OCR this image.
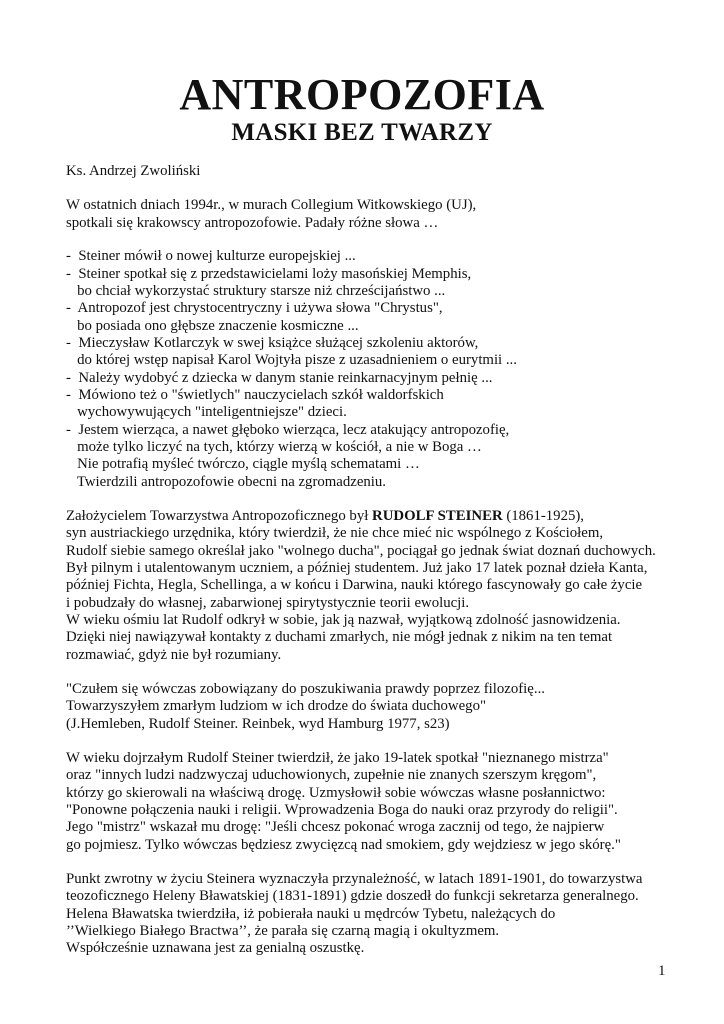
ANTROPOZOFIA
MASKI BEZ TWARZY
Ks. Andrzej Zwoliński
W ostatnich dniach 1994r., w murach Collegium Witkowskiego (UJ),
spotkali się krakowscy antropozofowie. Padały różne słowa …
-  Steiner mówił o nowej kulturze europejskiej ...
-  Steiner spotkał się z przedstawicielami loży masońskiej Memphis,
bo chciał wykorzystać struktury starsze niż chrześcijaństwo ...
-  Antropozof jest chrystocentryczny i używa słowa "Chrystus",
bo posiada ono głębsze znaczenie kosmiczne ...
-  Mieczysław Kotlarczyk w swej książce służącej szkoleniu aktorów,
do której wstęp napisał Karol Wojtyła pisze z uzasadnieniem o eurytmii ...
-  Należy wydobyć z dziecka w danym stanie reinkarnacyjnym pełnię ...
-  Mówiono też o "świetlych" nauczycielach szkół waldorfskich
wychowywujących "inteligentniejsze" dzieci.
-  Jestem wierząca, a nawet głęboko wierząca, lecz atakujący antropozofię,
może tylko liczyć na tych, którzy wierzą w kościół, a nie w Boga …
Nie potrafią myśleć twórczo, ciągle myślą schematami …
Twierdzili antropozofowie obecni na zgromadzeniu.
Założycielem Towarzystwa Antropozoficznego był RUDOLF STEINER (1861-1925),
syn austriackiego urzędnika, który twierdził, że nie chce mieć nic wspólnego z Kościołem,
Rudolf siebie samego określał jako "wolnego ducha", pociągał go jednak świat doznań duchowych.
Był pilnym i utalentowanym uczniem, a później studentem. Już jako 17 latek poznał dzieła Kanta,
później Fichta, Hegla, Schellinga, a w końcu i Darwina, nauki którego fascynowały go całe życie
i pobudzały do własnej, zabarwionej spirytystycznie teorii ewolucji.
W wieku ośmiu lat Rudolf odkrył w sobie, jak ją nazwał, wyjątkową zdolność jasnowidzenia.
Dzięki niej nawiązywał kontakty z duchami zmarłych, nie mógł jednak z nikim na ten temat
rozmawiać, gdyż nie był rozumiany.
"Czułem się wówczas zobowiązany do poszukiwania prawdy poprzez filozofię...
Towarzyszyłem zmarłym ludziom w ich drodze do świata duchowego"
(J.Hemleben, Rudolf Steiner. Reinbek, wyd Hamburg 1977, s23)
W wieku dojrzałym Rudolf Steiner twierdził, że jako 19-latek spotkał "nieznanego mistrza"
oraz "innych ludzi nadzwyczaj uduchowionych, zupełnie nie znanych szerszym kręgom",
którzy go skierowali na właściwą drogę. Uzmysłowił sobie wówczas własne posłannictwo:
"Ponowne połączenia nauki i religii. Wprowadzenia Boga do nauki oraz przyrody do religii".
Jego "mistrz" wskazał mu drogę: "Jeśli chcesz pokonać wroga zacznij od tego, że najpierw
go pojmiesz. Tylko wówczas będziesz zwycięzcą nad smokiem, gdy wejdziesz w jego skórę."
Punkt zwrotny w życiu Steinera wyznaczyła przynależność, w latach 1891-1901, do towarzystwa
teozoficznego Heleny Bławatskiej (1831-1891) gdzie doszedł do funkcji sekretarza generalnego.
Helena Bławatska twierdziła, iż pobierała nauki u mędrców Tybetu, należących do
’’Wielkiego Białego Bractwa’’, że parała się czarną magią i okultyzmem.
Współcześnie uznawana jest za genialną oszustkę.
1
